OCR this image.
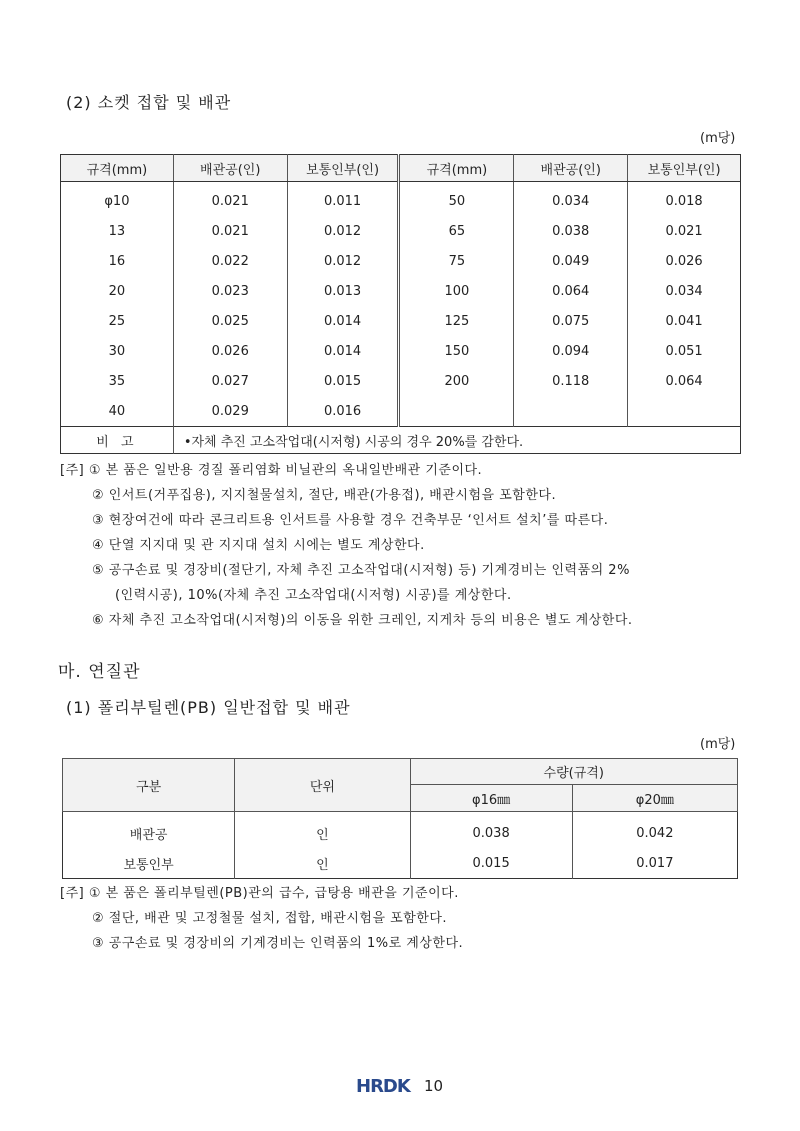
(2) 소켓 접합 및 배관
(m당)
규격(mm)	배관공(인)	보통인부(인)	규격(mm)	배관공(인)	보통인부(인)
φ10	0.021	0.011	50	0.034	0.018
13	0.021	0.012	65	0.038	0.021
16	0.022	0.012	75	0.049	0.026
20	0.023	0.013	100	0.064	0.034
25	0.025	0.014	125	0.075	0.041
30	0.026	0.014	150	0.094	0.051
35	0.027	0.015	200	0.118	0.064
40	0.029	0.016			
비 고	•자체 추진 고소작업대(시저형) 시공의 경우 20%를 감한다.				
[주] ① 본 품은 일반용 경질 폴리염화 비닐관의 옥내일반배관 기준이다.
② 인서트(거푸집용), 지지철물설치, 절단, 배관(가용접), 배관시험을 포함한다.
③ 현장여건에 따라 콘크리트용 인서트를 사용할 경우 건축부문 ‘인서트 설치’를 따른다.
④ 단열 지지대 및 관 지지대 설치 시에는 별도 계상한다.
⑤ 공구손료 및 경장비(절단기, 자체 추진 고소작업대(시저형) 등) 기계경비는 인력품의 2%
(인력시공), 10%(자체 추진 고소작업대(시저형) 시공)를 계상한다.
⑥ 자체 추진 고소작업대(시저형)의 이동을 위한 크레인, 지게차 등의 비용은 별도 계상한다.
마. 연질관
(1) 폴리부틸렌(PB) 일반접합 및 배관
(m당)
구분	단위	수량(규격)	
		φ16㎜	φ20㎜
배관공	인	0.038	0.042
보통인부	인	0.015	0.017
[주] ① 본 품은 폴리부틸렌(PB)관의 급수, 급탕용 배관을 기준이다.
② 절단, 배관 및 고정철물 설치, 접합, 배관시험을 포함한다.
③ 공구손료 및 경장비의 기계경비는 인력품의 1%로 계상한다.
HRDK 10
